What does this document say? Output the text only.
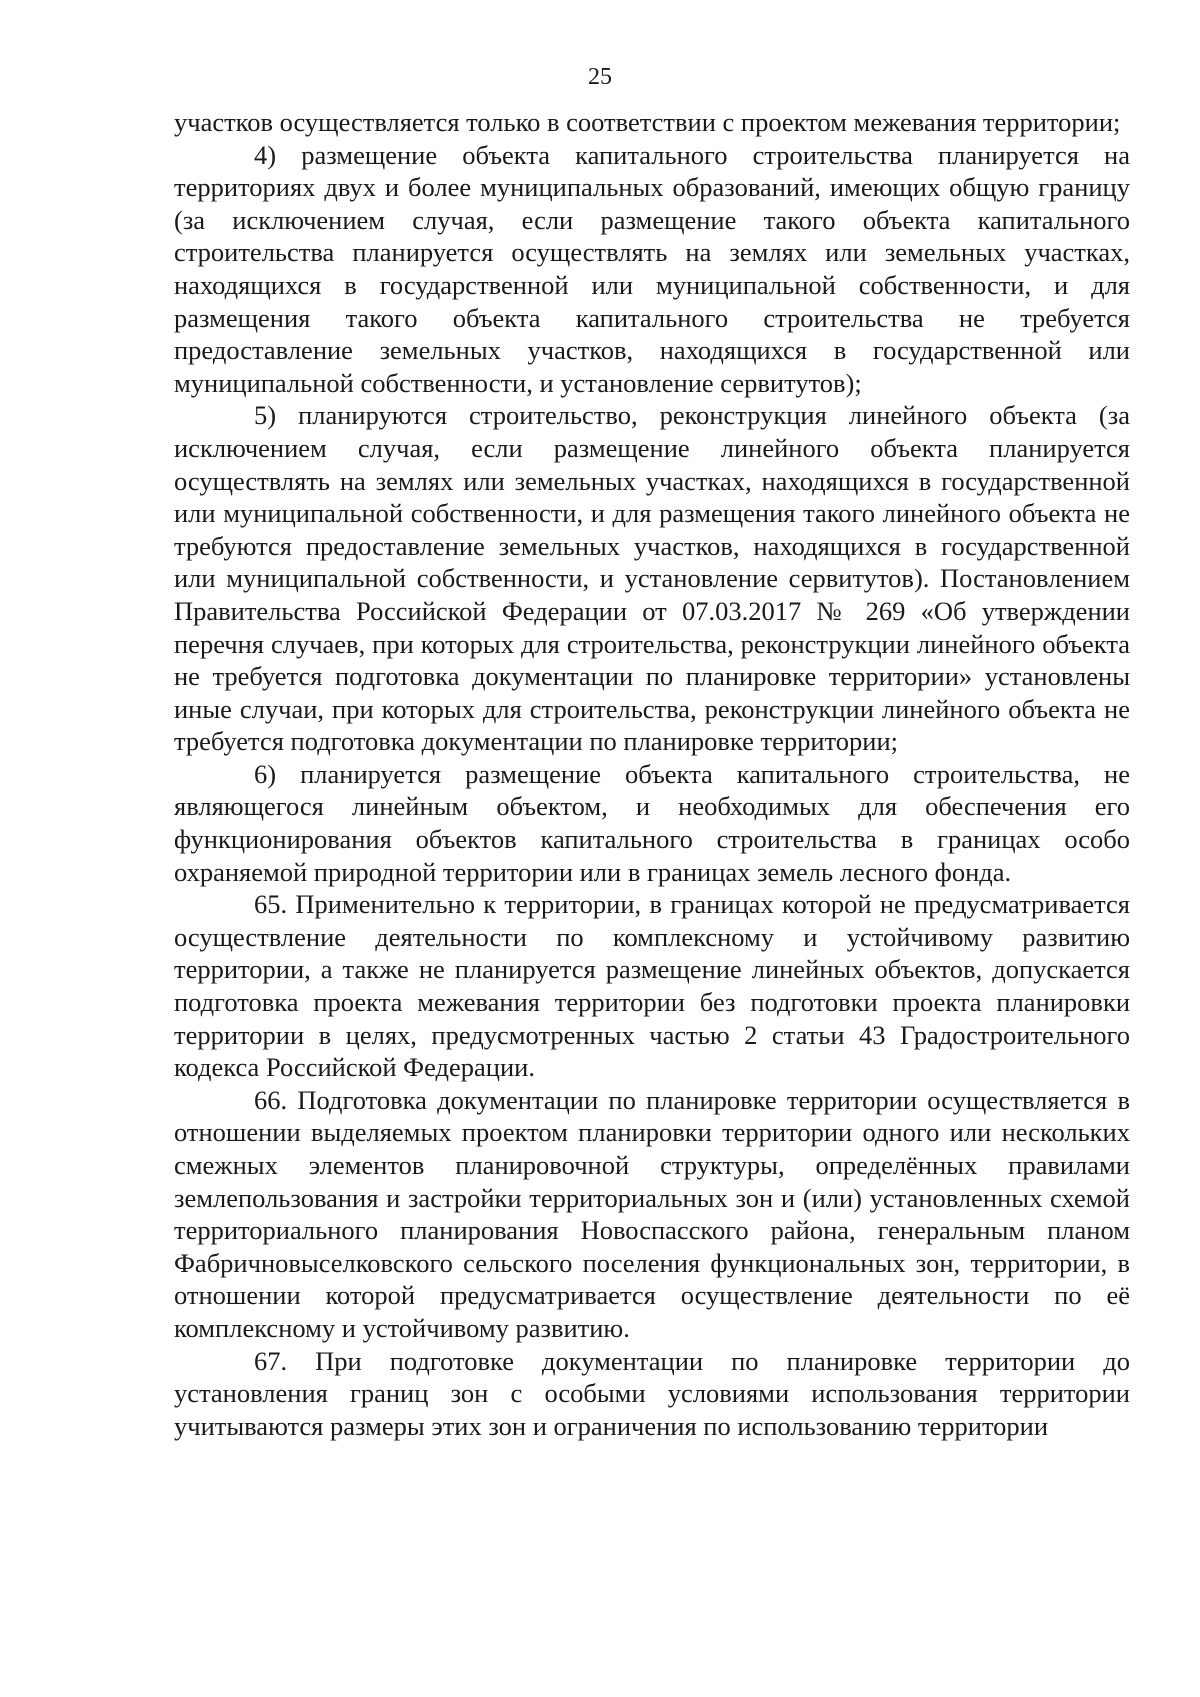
25

участков осуществляется только в соответствии с проектом межевания территории;

4) размещение объекта капитального строительства планируется на территориях двух и более муниципальных образований, имеющих общую границу (за исключением случая, если размещение такого объекта капитального строительства планируется осуществлять на землях или земельных участках, находящихся в государственной или муниципальной собственности, и для размещения такого объекта капитального строительства не требуется предоставление земельных участков, находящихся в государственной или муниципальной собственности, и установление сервитутов);

5) планируются строительство, реконструкция линейного объекта (за исключением случая, если размещение линейного объекта планируется осуществлять на землях или земельных участках, находящихся в государственной или муниципальной собственности, и для размещения такого линейного объекта не требуются предоставление земельных участков, находящихся в государственной или муниципальной собственности, и установление сервитутов). Постановлением Правительства Российской Федерации от 07.03.2017 № 269 «Об утверждении перечня случаев, при которых для строительства, реконструкции линейного объекта не требуется подготовка документации по планировке территории» установлены иные случаи, при которых для строительства, реконструкции линейного объекта не требуется подготовка документации по планировке территории;

6) планируется размещение объекта капитального строительства, не являющегося линейным объектом, и необходимых для обеспечения его функционирования объектов капитального строительства в границах особо охраняемой природной территории или в границах земель лесного фонда.

65. Применительно к территории, в границах которой не предусматривается осуществление деятельности по комплексному и устойчивому развитию территории, а также не планируется размещение линейных объектов, допускается подготовка проекта межевания территории без подготовки проекта планировки территории в целях, предусмотренных частью 2 статьи 43 Градостроительного кодекса Российской Федерации.

66. Подготовка документации по планировке территории осуществляется в отношении выделяемых проектом планировки территории одного или нескольких смежных элементов планировочной структуры, определённых правилами землепользования и застройки территориальных зон и (или) установленных схемой территориального планирования Новоспасского района, генеральным планом Фабричновыселковского сельского поселения функциональных зон, территории, в отношении которой предусматривается осуществление деятельности по её комплексному и устойчивому развитию.

67. При подготовке документации по планировке территории до установления границ зон с особыми условиями использования территории учитываются размеры этих зон и ограничения по использованию территории
